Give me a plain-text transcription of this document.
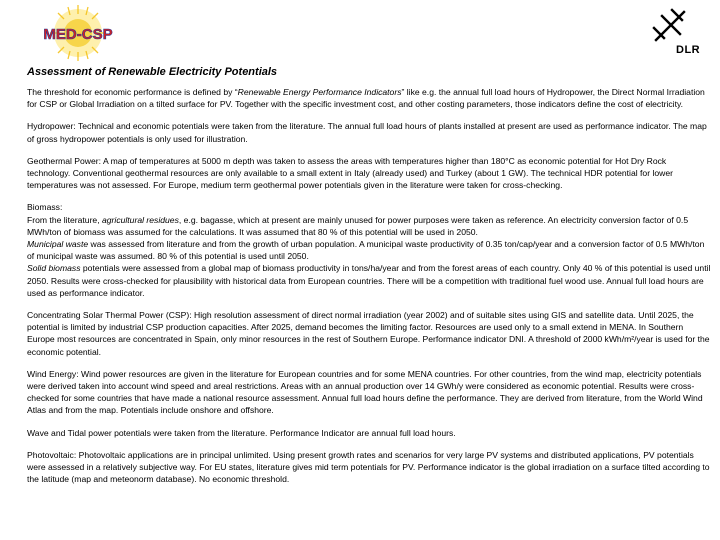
MED-CSP
DLR
Assessment of Renewable Electricity Potentials

The threshold for economic performance is defined by “Renewable Energy Performance Indicators” like e.g. the annual full load hours of Hydropower, the Direct Normal Irradiation for CSP or Global Irradiation on a tilted surface for PV. Together with the specific investment cost, and other costing parameters, those indicators define the cost of electricity.

Hydropower: Technical and economic potentials were taken from the literature. The annual full load hours of plants installed at present are used as performance indicator. The map of gross hydropower potentials is only used for illustration.

Geothermal Power: A map of temperatures at 5000 m depth was taken to assess the areas with temperatures higher than 180°C as economic potential for Hot Dry Rock technology. Conventional geothermal resources are only available to a small extent in Italy (already used) and Turkey (about 1 GW). The technical HDR potential for lower temperatures was not assessed. For Europe, medium term geothermal power potentials given in the literature were taken for cross-checking.

Biomass:
From the literature, agricultural residues, e.g. bagasse, which at present are mainly unused for power purposes were taken as reference. An electricity conversion factor of 0.5 MWh/ton of biomass was assumed for the calculations. It was assumed that 80 % of this potential will be used in 2050.
Municipal waste was assessed from literature and from the growth of urban population. A municipal waste productivity of 0.35 ton/cap/year and a conversion factor of 0.5 MWh/ton of municipal waste was assumed. 80 % of this potential is used until 2050.
Solid biomass potentials were assessed from a global map of biomass productivity in tons/ha/year and from the forest areas of each country. Only 40 % of this potential is used until 2050. Results were cross-checked for plausibility with historical data from European countries. There will be a competition with traditional fuel wood use. Annual full load hours are used as performance indicator.

Concentrating Solar Thermal Power (CSP): High resolution assessment of direct normal irradiation (year 2002) and of suitable sites using GIS and satellite data. Until 2025, the potential is limited by industrial CSP production capacities. After 2025, demand becomes the limiting factor. Resources are used only to a small extend in MENA. In Southern Europe most resources are concentrated in Spain, only minor resources in the rest of Southern Europe. Performance indicator DNI. A threshold of 2000 kWh/m²/year is used for the economic potential.

Wind Energy: Wind power resources are given in the literature for European countries and for some MENA countries. For other countries, from the wind map, electricity potentials were derived taken into account wind speed and areal restrictions. Areas with an annual production over 14 GWh/y were considered as economic potential. Results were cross-checked for some countries that have made a national resource assessment. Annual full load hours define the performance. They are derived from literature, from the World Wind Atlas and from the map. Potentials include onshore and offshore.

Wave and Tidal power potentials were taken from the literature. Performance Indicator are annual full load hours.

Photovoltaic: Photovoltaic applications are in principal unlimited. Using present growth rates and scenarios for very large PV systems and distributed applications, PV potentials were assessed in a relatively subjective way. For EU states, literature gives mid term potentials for PV. Performance indicator is the global irradiation on a surface tilted according to the latitude (map and meteonorm database). No economic threshold.
